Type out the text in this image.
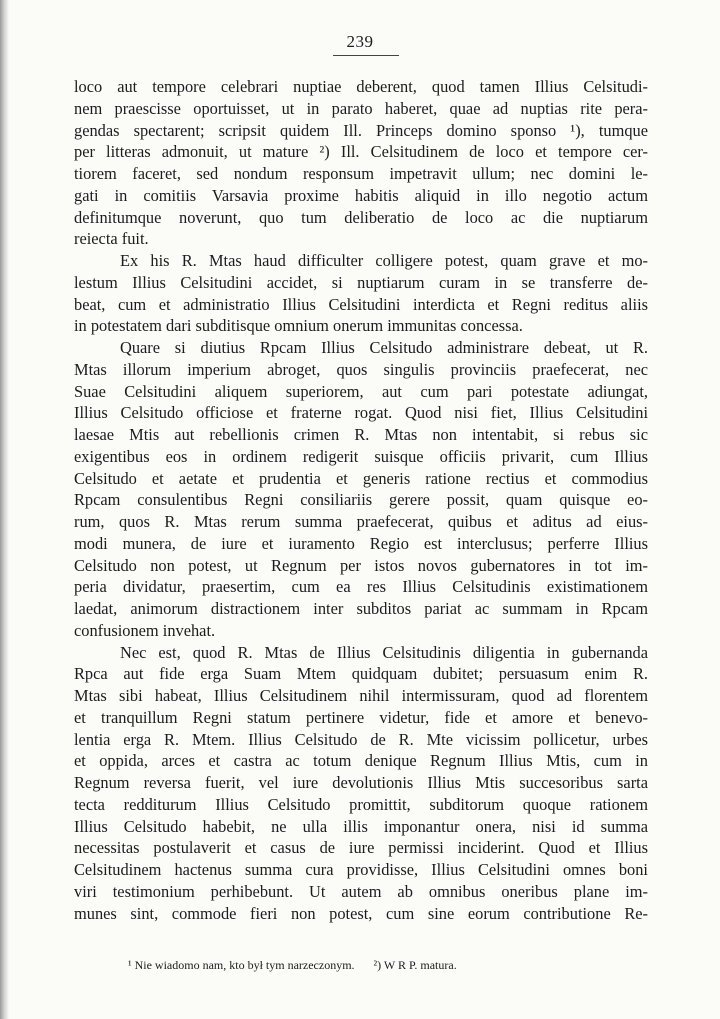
239
loco aut tempore celebrari nuptiae deberent, quod tamen Illius Celsitudi-
nem praescisse oportuisset, ut in parato haberet, quae ad nuptias rite pera-
gendas spectarent; scripsit quidem Ill. Princeps domino sponso ¹), tumque
per litteras admonuit, ut mature ²) Ill. Celsitudinem de loco et tempore cer-
tiorem faceret, sed nondum responsum impetravit ullum; nec domini le-
gati in comitiis Varsavia proxime habitis aliquid in illo negotio actum
definitumque noverunt, quo tum deliberatio de loco ac die nuptiarum
reiecta fuit.
Ex his R. Mtas haud difficulter colligere potest, quam grave et mo-
lestum Illius Celsitudini accidet, si nuptiarum curam in se transferre de-
beat, cum et administratio Illius Celsitudini interdicta et Regni reditus aliis
in potestatem dari subditisque omnium onerum immunitas concessa.
Quare si diutius Rpcam Illius Celsitudo administrare debeat, ut R.
Mtas illorum imperium abroget, quos singulis provinciis praefecerat, nec
Suae Celsitudini aliquem superiorem, aut cum pari potestate adiungat,
Illius Celsitudo officiose et fraterne rogat. Quod nisi fiet, Illius Celsitudini
laesae Mtis aut rebellionis crimen R. Mtas non intentabit, si rebus sic
exigentibus eos in ordinem redigerit suisque officiis privarit, cum Illius
Celsitudo et aetate et prudentia et generis ratione rectius et commodius
Rpcam consulentibus Regni consiliariis gerere possit, quam quisque eo-
rum, quos R. Mtas rerum summa praefecerat, quibus et aditus ad eius-
modi munera, de iure et iuramento Regio est interclusus; perferre Illius
Celsitudo non potest, ut Regnum per istos novos gubernatores in tot im-
peria dividatur, praesertim, cum ea res Illius Celsitudinis existimationem
laedat, animorum distractionem inter subditos pariat ac summam in Rpcam
confusionem invehat.
Nec est, quod R. Mtas de Illius Celsitudinis diligentia in gubernanda
Rpca aut fide erga Suam Mtem quidquam dubitet; persuasum enim R.
Mtas sibi habeat, Illius Celsitudinem nihil intermissuram, quod ad florentem
et tranquillum Regni statum pertinere videtur, fide et amore et benevo-
lentia erga R. Mtem. Illius Celsitudo de R. Mte vicissim pollicetur, urbes
et oppida, arces et castra ac totum denique Regnum Illius Mtis, cum in
Regnum reversa fuerit, vel iure devolutionis Illius Mtis succesoribus sarta
tecta redditurum Illius Celsitudo promittit, subditorum quoque rationem
Illius Celsitudo habebit, ne ulla illis imponantur onera, nisi id summa
necessitas postulaverit et casus de iure permissi inciderint. Quod et Illius
Celsitudinem hactenus summa cura providisse, Illius Celsitudini omnes boni
viri testimonium perhibebunt. Ut autem ab omnibus oneribus plane im-
munes sint, commode fieri non potest, cum sine eorum contributione Re-
¹ Nie wiadomo nam, kto był tym narzeczonym. ²) W R P. matura.
